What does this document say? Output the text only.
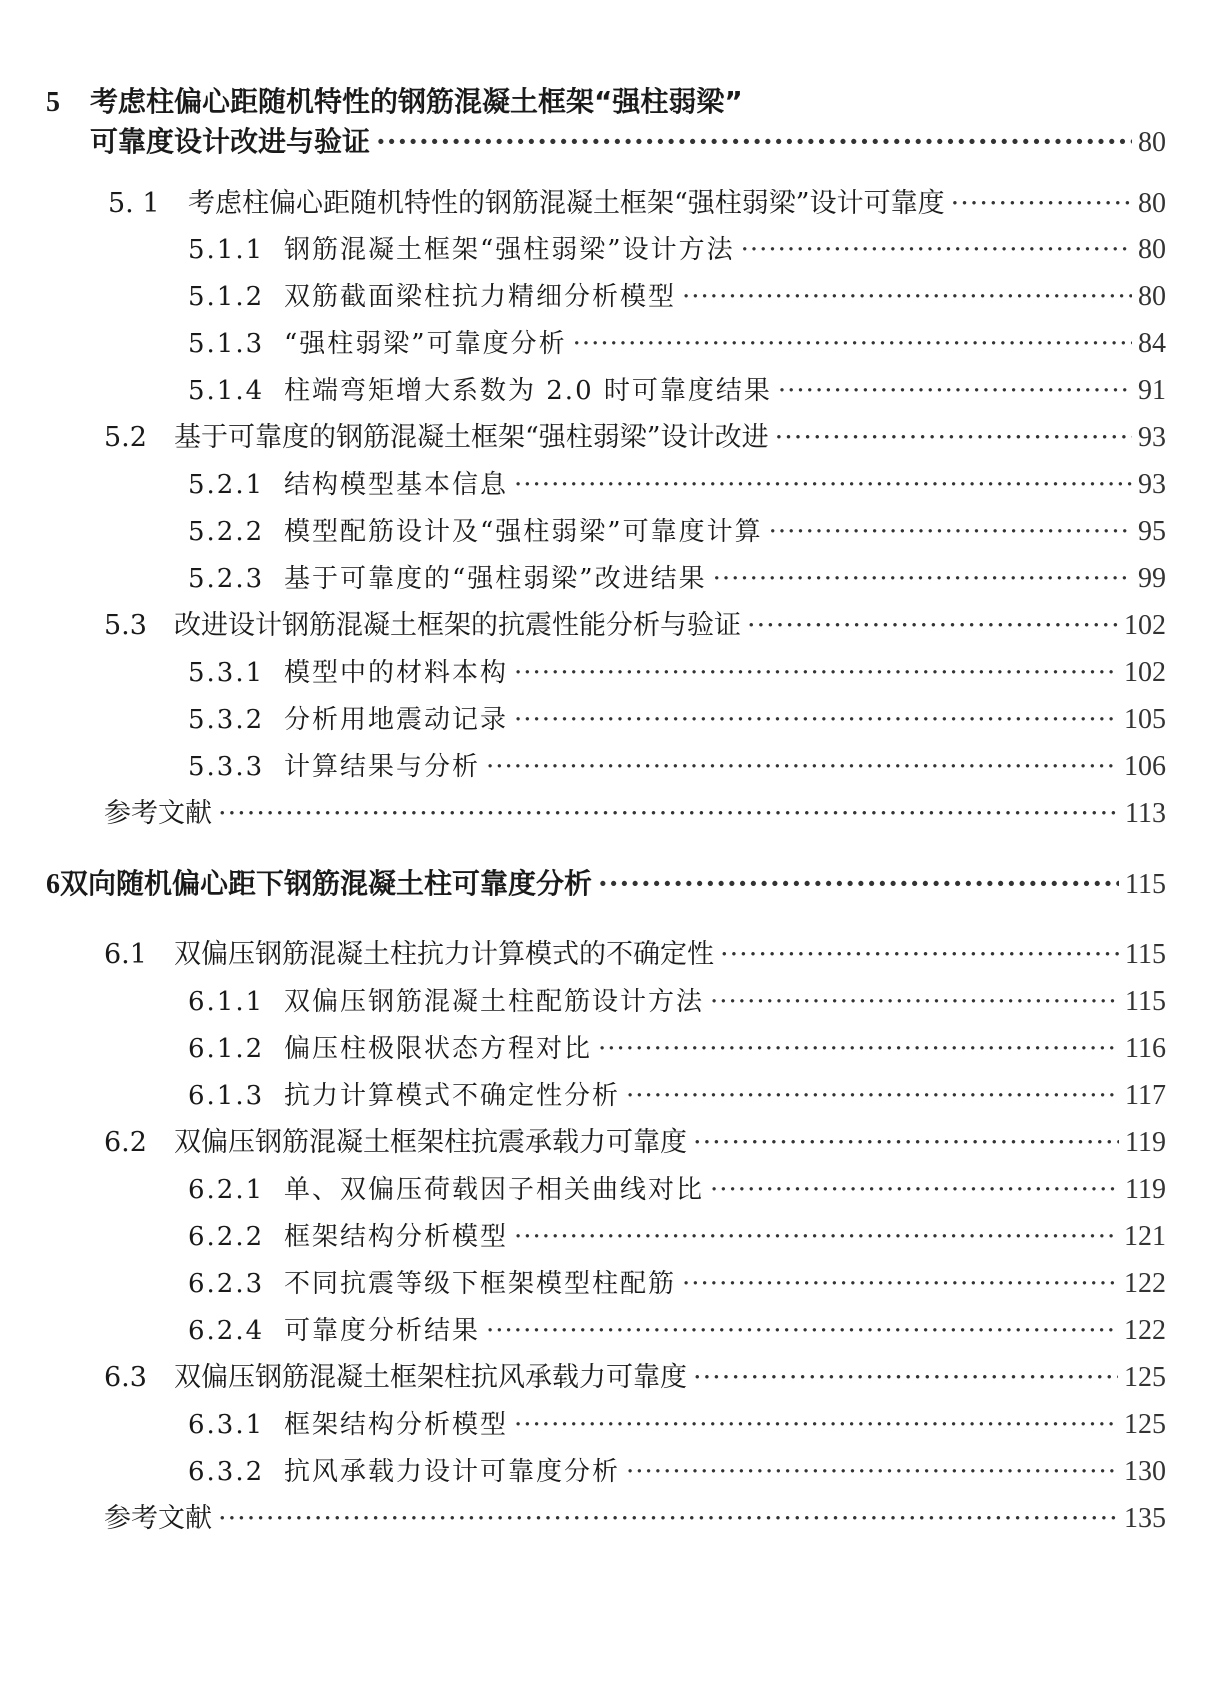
5 考虑柱偏心距随机特性的钢筋混凝土框架“强柱弱梁”
可靠度设计改进与验证 ·····	80
5. 1	考虑柱偏心距随机特性的钢筋混凝土框架“强柱弱梁”设计可靠度 ·····	80
5.1.1 钢筋混凝土框架“强柱弱梁”设计方法 ·····	80
5.1.2 双筋截面梁柱抗力精细分析模型 ·····	80
5.1.3 “强柱弱梁”可靠度分析 ·····	84
5.1.4 柱端弯矩增大系数为 2.0 时可靠度结果 ·····	91
5.2	基于可靠度的钢筋混凝土框架“强柱弱梁”设计改进 ·····	93
5.2.1 结构模型基本信息 ·····	93
5.2.2 模型配筋设计及“强柱弱梁”可靠度计算 ·····	95
5.2.3 基于可靠度的“强柱弱梁”改进结果 ·····	99
5.3	改进设计钢筋混凝土框架的抗震性能分析与验证 ·····	102
5.3.1 模型中的材料本构 ·····	102
5.3.2 分析用地震动记录 ·····	105
5.3.3 计算结果与分析 ·····	106
参考文献 ·····	113
6 双向随机偏心距下钢筋混凝土柱可靠度分析 ·····	115
6.1	双偏压钢筋混凝土柱抗力计算模式的不确定性 ·····	115
6.1.1 双偏压钢筋混凝土柱配筋设计方法 ·····	115
6.1.2 偏压柱极限状态方程对比 ·····	116
6.1.3 抗力计算模式不确定性分析 ·····	117
6.2	双偏压钢筋混凝土框架柱抗震承载力可靠度 ·····	119
6.2.1 单、双偏压荷载因子相关曲线对比 ·····	119
6.2.2 框架结构分析模型 ·····	121
6.2.3 不同抗震等级下框架模型柱配筋 ·····	122
6.2.4 可靠度分析结果 ·····	122
6.3	双偏压钢筋混凝土框架柱抗风承载力可靠度 ·····	125
6.3.1 框架结构分析模型 ·····	125
6.3.2 抗风承载力设计可靠度分析 ·····	130
参考文献 ·····	135
